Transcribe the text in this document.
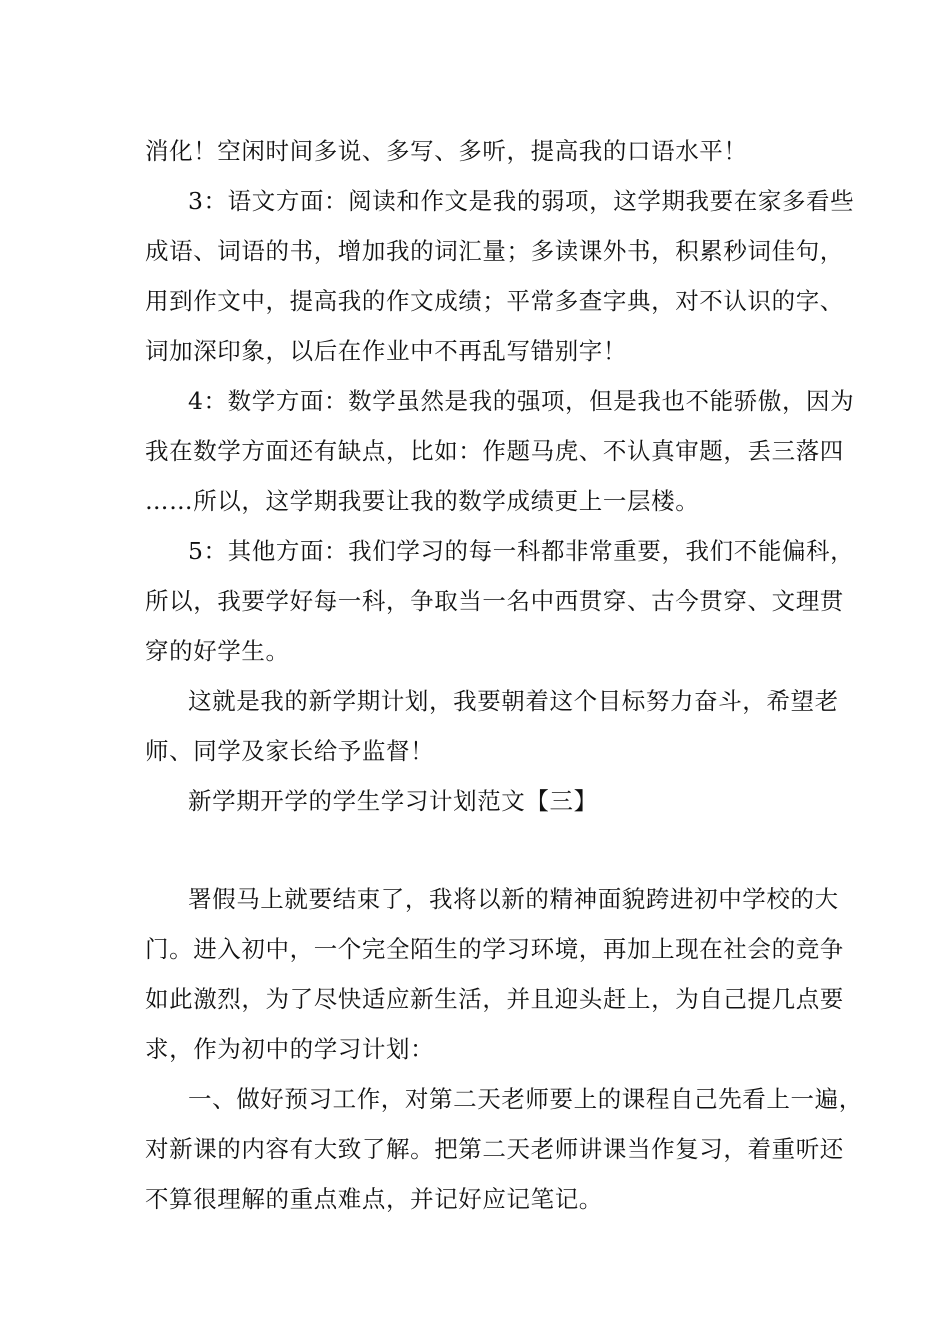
消化！空闲时间多说、多写、多听，提高我的口语水平！
3：语文方面：阅读和作文是我的弱项，这学期我要在家多看些
成语、词语的书，增加我的词汇量；多读课外书，积累秒词佳句，
用到作文中，提高我的作文成绩；平常多查字典，对不认识的字、
词加深印象，以后在作业中不再乱写错别字！
4：数学方面：数学虽然是我的强项，但是我也不能骄傲，因为
我在数学方面还有缺点，比如：作题马虎、不认真审题，丢三落四
……所以，这学期我要让我的数学成绩更上一层楼。
5：其他方面：我们学习的每一科都非常重要，我们不能偏科，
所以，我要学好每一科，争取当一名中西贯穿、古今贯穿、文理贯
穿的好学生。
这就是我的新学期计划，我要朝着这个目标努力奋斗，希望老
师、同学及家长给予监督！
新学期开学的学生学习计划范文【三】
署假马上就要结束了，我将以新的精神面貌跨进初中学校的大
门。进入初中，一个完全陌生的学习环境，再加上现在社会的竞争
如此激烈，为了尽快适应新生活，并且迎头赶上，为自己提几点要
求，作为初中的学习计划：
一、做好预习工作，对第二天老师要上的课程自己先看上一遍，
对新课的内容有大致了解。把第二天老师讲课当作复习，着重听还
不算很理解的重点难点，并记好应记笔记。
